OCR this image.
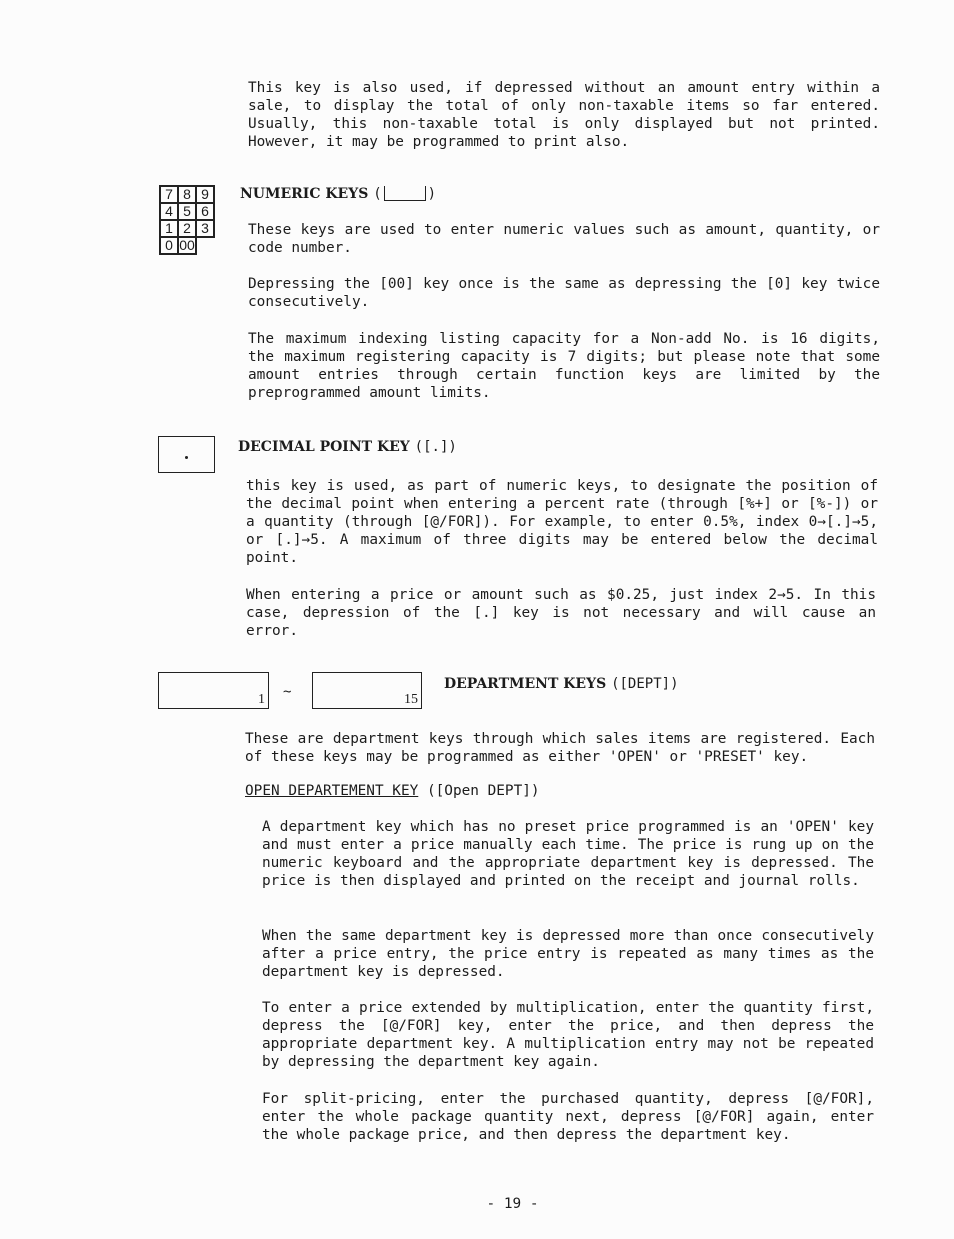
This key is also used, if depressed without an amount entry within a sale, to display the total of only non-taxable items so far entered. Usually, this non-taxable total is only displayed but not printed. However, it may be programmed to print also.

7 8 9
4 5 6
1 2 3
0 00

NUMERIC KEYS (	)

These keys are used to enter numeric values such as amount, quantity, or code number.

Depressing the [00] key once is the same as depressing the [0] key twice consecutively.

The maximum indexing listing capacity for a Non-add No. is 16 digits, the maximum registering capacity is 7 digits; but please note that some amount entries through certain function keys are limited by the preprogrammed amount limits.

DECIMAL POINT KEY ([.])

this key is used, as part of numeric keys, to designate the position of the decimal point when entering a percent rate (through [%+] or [%-]) or a quantity (through [@/FOR]). For example, to enter 0.5%, index 0→[.]→5, or [.]→5. A maximum of three digits may be entered below the decimal point.

When entering a price or amount such as $0.25, just index 2→5. In this case, depression of the [.] key is not necessary and will cause an error.

1 ~	15

DEPARTMENT KEYS ([DEPT])

These are department keys through which sales items are registered. Each of these keys may be programmed as either 'OPEN' or 'PRESET' key.

OPEN DEPARTEMENT KEY ([Open DEPT])

A department key which has no preset price programmed is an 'OPEN' key and must enter a price manually each time. The price is rung up on the numeric keyboard and the appropriate department key is depressed. The price is then displayed and printed on the receipt and journal rolls.

When the same department key is depressed more than once consecutively after a price entry, the price entry is repeated as many times as the department key is depressed.

To enter a price extended by multiplication, enter the quantity first, depress the [@/FOR] key, enter the price, and then depress the appropriate department key. A multiplication entry may not be repeated by depressing the department key again.

For split-pricing, enter the purchased quantity, depress [@/FOR], enter the whole package quantity next, depress [@/FOR] again, enter the whole package price, and then depress the department key.

- 19 -
